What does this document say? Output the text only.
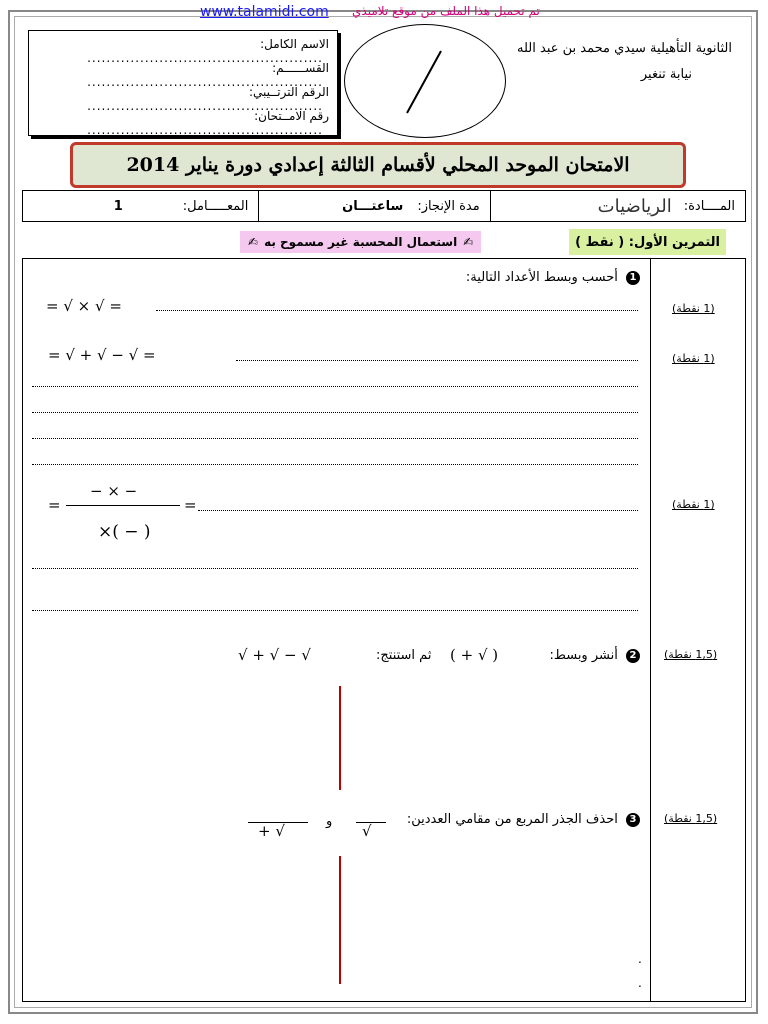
www.talamidi.com تم تحميل هذا الملف من موقع تلاميذي
الثانوية التأهيلية سيدي محمد بن عبد الله
نيابة تنغير
الاسم الكامل:
.................................................
القســــــم:
.................................................
الرقم الترتــيبي:
.................................................
رقم الامــتحان:
.................................................
الامتحان الموحد المحلي لأقسام الثالثة إعدادي دورة يناير 2014
المــــادة:
الرياضيات
مدة الإنجاز:
ساعتـــان
المعـــــامل:
1
التمرين الأول: ( نقط )
✍
استعمال المحسبة غير مسموح به
✍
(1 نقطة)
(1 نقطة)
(1 نقطة)
(1,5 نقطة)
(1,5 نقطة)
1 أحسب وبسط الأعداد التالية:
= √ × √ =
= √ + √ − √ =
=
− × −
×( − )
=
2 أنشر وبسط:
( + √ )
ثم استنتج:
√ + √ − √
3 احذف الجذر المربع من مقامي العددين:
√
و
+ √
.
.
